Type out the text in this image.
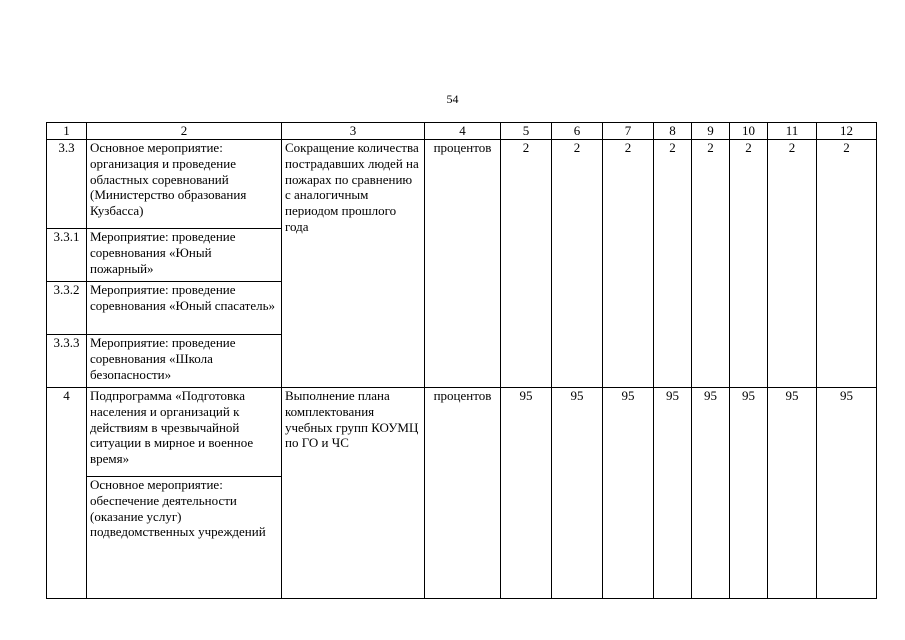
54
1	2	3	4	5	6	7	8	9	10	11	12
3.3	Основное мероприятие: организация и проведение областных соревнований (Министерство образования Кузбасса)	Сокращение количества пострадавших людей на пожарах по сравнению с аналогичным периодом прошлого года	процентов	2	2	2	2	2	2	2	2
3.3.1	Мероприятие: проведение соревнования «Юный пожарный»										
3.3.2	Мероприятие: проведение соревнования «Юный спасатель»										
3.3.3	Мероприятие: проведение соревнования «Школа безопасности»										
4	Подпрограмма «Подготовка населения и организаций к действиям в чрезвычайной ситуации в мирное и военное время»	Выполнение плана комплектования учебных групп КОУМЦ по ГО и ЧС	процентов	95	95	95	95	95	95	95	95
	Основное мероприятие: обеспечение деятельности (оказание услуг) подведомственных учреждений										
